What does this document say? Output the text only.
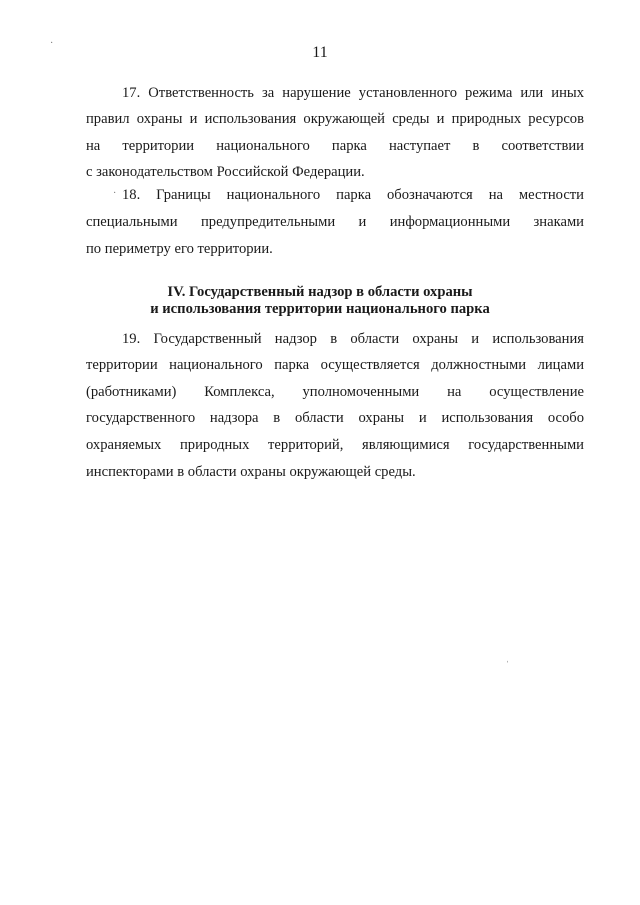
11
17. Ответственность за нарушение установленного режима или иных
правил охраны и использования окружающей среды и природных ресурсов
на территории национального парка наступает в соответствии
с законодательством Российской Федерации.
18. Границы национального парка обозначаются на местности
специальными предупредительными и информационными знаками
по периметру его территории.
IV. Государственный надзор в области охраны
и использования территории национального парка
19. Государственный надзор в области охраны и использования
территории национального парка осуществляется должностными лицами
(работниками) Комплекса, уполномоченными на осуществление
государственного надзора в области охраны и использования особо
охраняемых природных территорий, являющимися государственными
инспекторами в области охраны окружающей среды.
·
·
ˈ
